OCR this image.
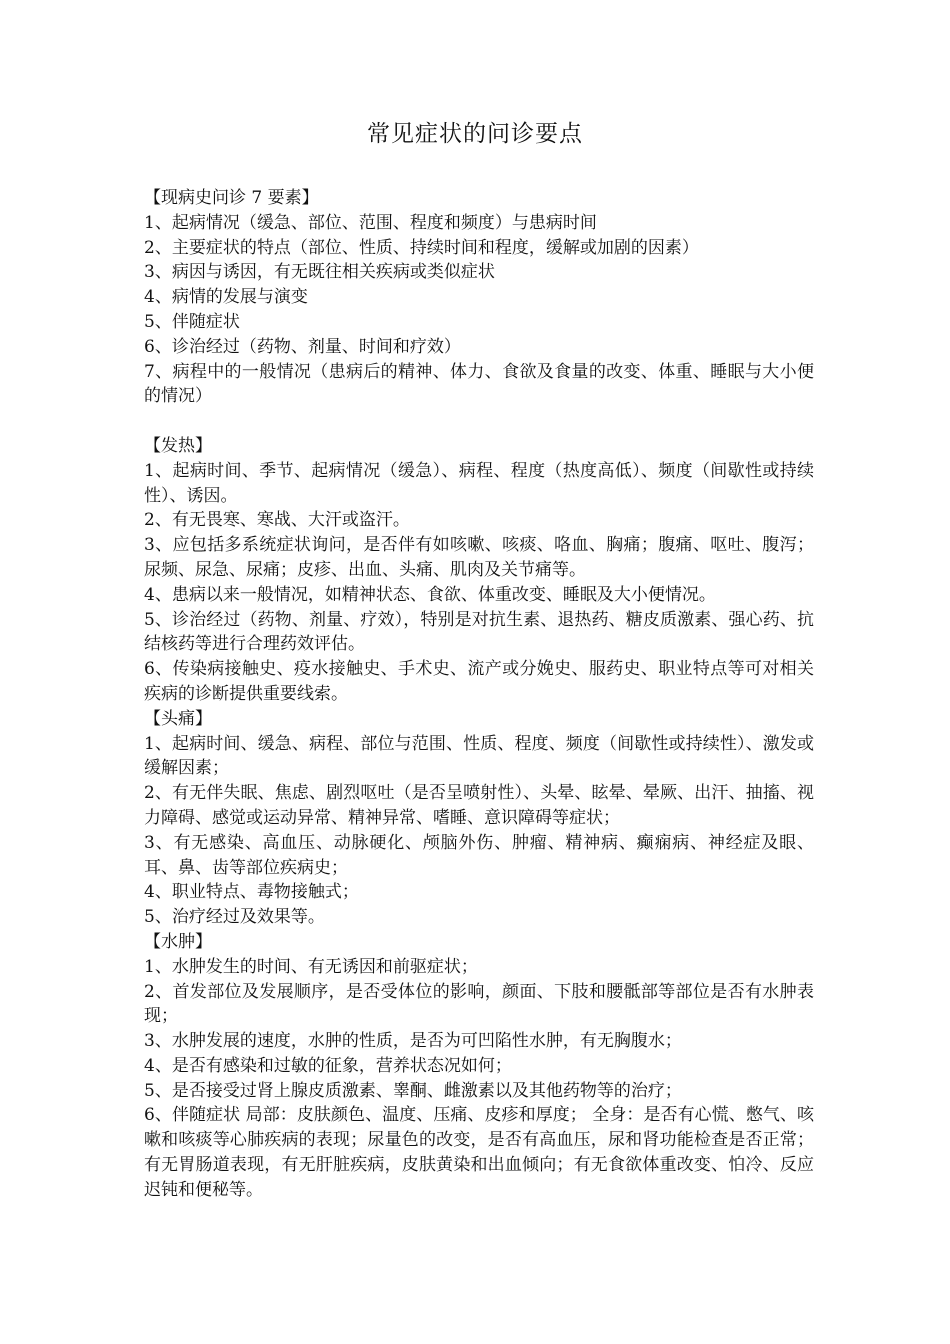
常见症状的问诊要点

【现病史问诊 7 要素】

1、起病情况（缓急、部位、范围、程度和频度）与患病时间

2、主要症状的特点（部位、性质、持续时间和程度，缓解或加剧的因素）

3、病因与诱因，有无既往相关疾病或类似症状

4、病情的发展与演变

5、伴随症状

6、诊治经过（药物、剂量、时间和疗效）

7、病程中的一般情况（患病后的精神、体力、食欲及食量的改变、体重、睡眠与大小便的情况）

【发热】

1、起病时间、季节、起病情况（缓急）、病程、程度（热度高低）、频度（间歇性或持续性）、诱因。

2、有无畏寒、寒战、大汗或盗汗。

3、应包括多系统症状询问，是否伴有如咳嗽、咳痰、咯血、胸痛；腹痛、呕吐、腹泻；尿频、尿急、尿痛；皮疹、出血、头痛、肌肉及关节痛等。

4、患病以来一般情况，如精神状态、食欲、体重改变、睡眠及大小便情况。

5、诊治经过（药物、剂量、疗效），特别是对抗生素、退热药、糖皮质激素、强心药、抗结核药等进行合理药效评估。

6、传染病接触史、疫水接触史、手术史、流产或分娩史、服药史、职业特点等可对相关疾病的诊断提供重要线索。

【头痛】

1、起病时间、缓急、病程、部位与范围、性质、程度、频度（间歇性或持续性）、激发或缓解因素；

2、有无伴失眠、焦虑、剧烈呕吐（是否呈喷射性）、头晕、眩晕、晕厥、出汗、抽搐、视力障碍、感觉或运动异常、精神异常、嗜睡、意识障碍等症状；

3、有无感染、高血压、动脉硬化、颅脑外伤、肿瘤、精神病、癫痫病、神经症及眼、耳、鼻、齿等部位疾病史；

4、职业特点、毒物接触式；

5、治疗经过及效果等。

【水肿】

1、水肿发生的时间、有无诱因和前驱症状；

2、首发部位及发展顺序，是否受体位的影响，颜面、下肢和腰骶部等部位是否有水肿表现；

3、水肿发展的速度，水肿的性质，是否为可凹陷性水肿，有无胸腹水；

4、是否有感染和过敏的征象，营养状态况如何；

5、是否接受过肾上腺皮质激素、睾酮、雌激素以及其他药物等的治疗；

6、伴随症状 局部：皮肤颜色、温度、压痛、皮疹和厚度； 全身：是否有心慌、憋气、咳嗽和咳痰等心肺疾病的表现；尿量色的改变，是否有高血压，尿和肾功能检查是否正常；有无胃肠道表现，有无肝脏疾病，皮肤黄染和出血倾向；有无食欲体重改变、怕冷、反应迟钝和便秘等。
